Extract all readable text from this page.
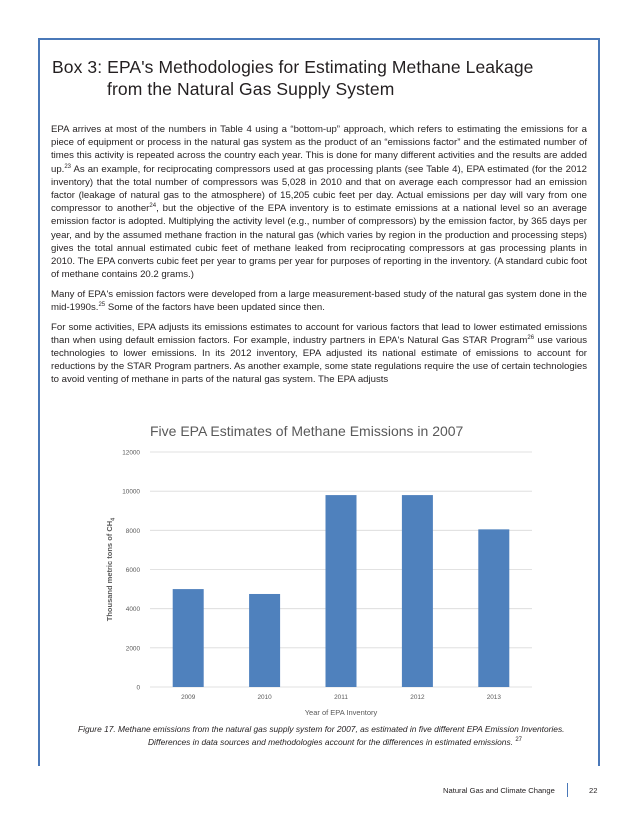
Box 3: EPA's Methodologies for Estimating Methane Leakage
from the Natural Gas Supply System

EPA arrives at most of the numbers in Table 4 using a “bottom-up” approach, which refers to estimating the emissions for a piece of equipment or process in the natural gas system as the product of an “emissions factor” and the estimated number of times this activity is repeated across the country each year. This is done for many different activities and the results are added up.$^{23}$ As an example, for reciprocating compressors used at gas processing plants (see Table 4), EPA estimated (for the 2012 inventory) that the total number of compressors was 5,028 in 2010 and that on average each compressor had an emission factor (leakage of natural gas to the atmosphere) of 15,205 cubic feet per day. Actual emissions per day will vary from one compressor to another$^{24}$, but the objective of the EPA inventory is to estimate emissions at a national level so an average emission factor is adopted. Multiplying the activity level (e.g., number of compressors) by the emission factor, by 365 days per year, and by the assumed methane fraction in the natural gas (which varies by region in the production and processing steps) gives the total annual estimated cubic feet of methane leaked from reciprocating compressors at gas processing plants in 2010. The EPA converts cubic feet per year to grams per year for purposes of reporting in the inventory. (A standard cubic foot of methane contains 20.2 grams.)

Many of EPA's emission factors were developed from a large measurement-based study of the natural gas system done in the mid-1990s.$^{25}$ Some of the factors have been updated since then.

For some activities, EPA adjusts its emissions estimates to account for various factors that lead to lower estimated emissions than when using default emission factors. For example, industry partners in EPA's Natural Gas STAR Program$^{26}$ use various technologies to lower emissions. In its 2012 inventory, EPA adjusted its national estimate of emissions to account for reductions by the STAR Program partners. As another example, some state regulations require the use of certain technologies to avoid venting of methane in parts of the natural gas system. The EPA adjusts

Five EPA Estimates of Methane Emissions in 2007
0
2000
4000
6000
8000
10000
12000
2009	2010	2011	2012	2013
Year of EPA Inventory
Thousand metric tons of $CH_4$
Figure 17. Methane emissions from the natural gas supply system for 2007, as estimated in five different EPA Emission Inventories.
Differences in data sources and methodologies account for the differences in estimated emissions. $^{27}$
Natural Gas and Climate Change	22
